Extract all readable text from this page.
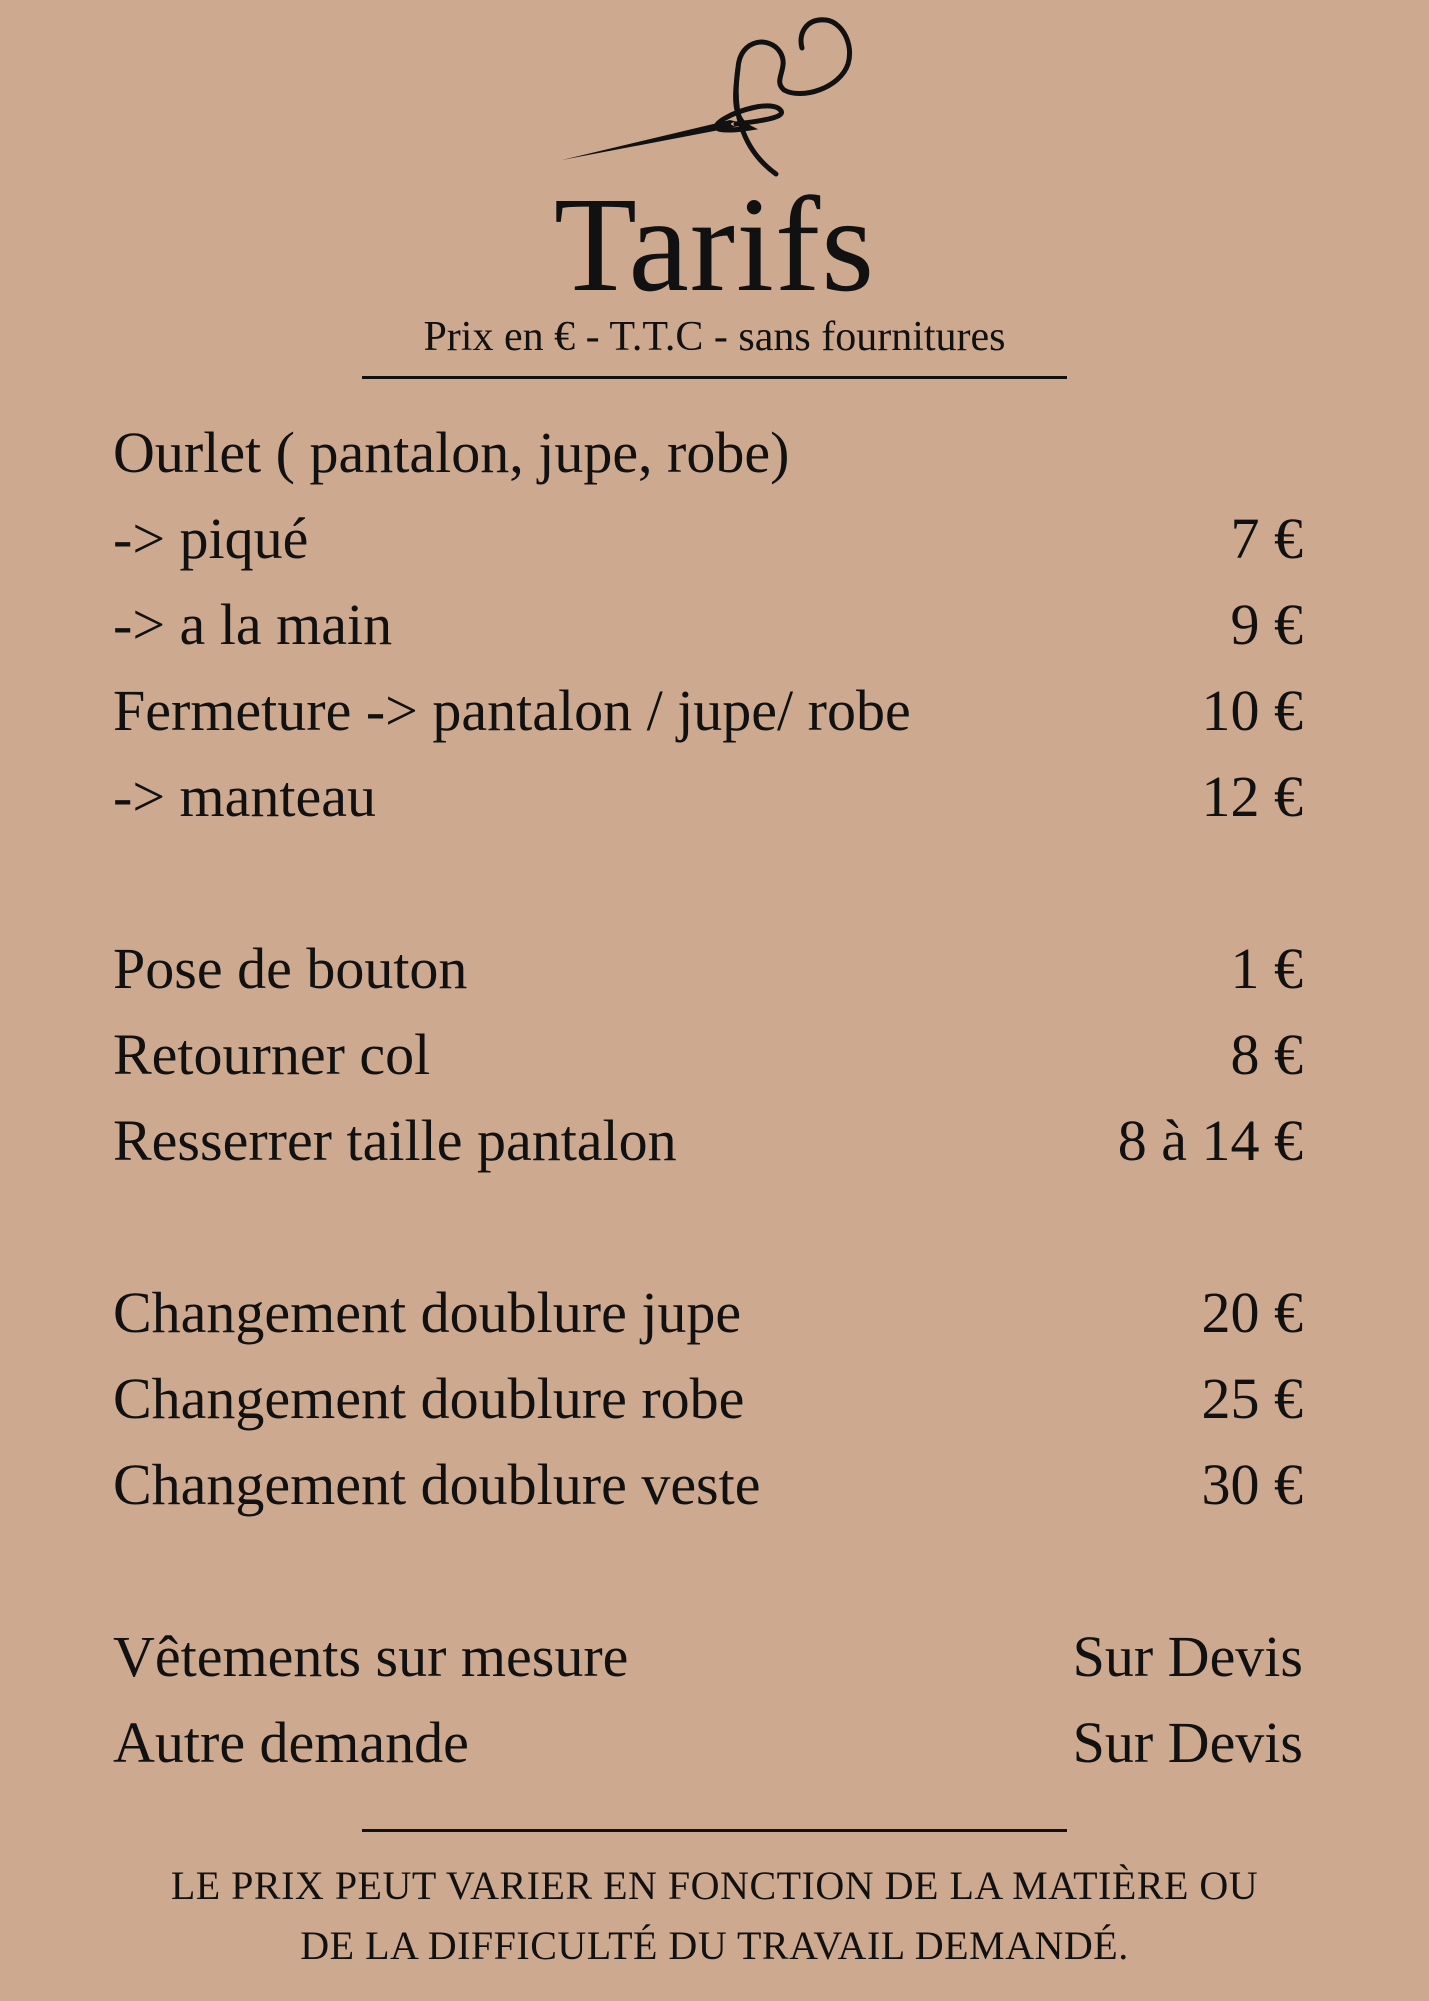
Tarifs
Prix en € - T.T.C - sans fournitures
Ourlet ( pantalon, jupe, robe)
-> piqué	7 €
-> a la main	9 €
Fermeture -> pantalon / jupe/ robe	10 €
-> manteau	12 €
Pose de bouton	1 €
Retourner col	8 €
Resserrer taille pantalon	8 à 14 €
Changement doublure jupe	20 €
Changement doublure robe	25 €
Changement doublure veste	30 €
Vêtements sur mesure	Sur Devis
Autre demande	Sur Devis
LE PRIX PEUT VARIER EN FONCTION DE LA MATIÈRE OU
DE LA DIFFICULTÉ DU TRAVAIL DEMANDÉ.
